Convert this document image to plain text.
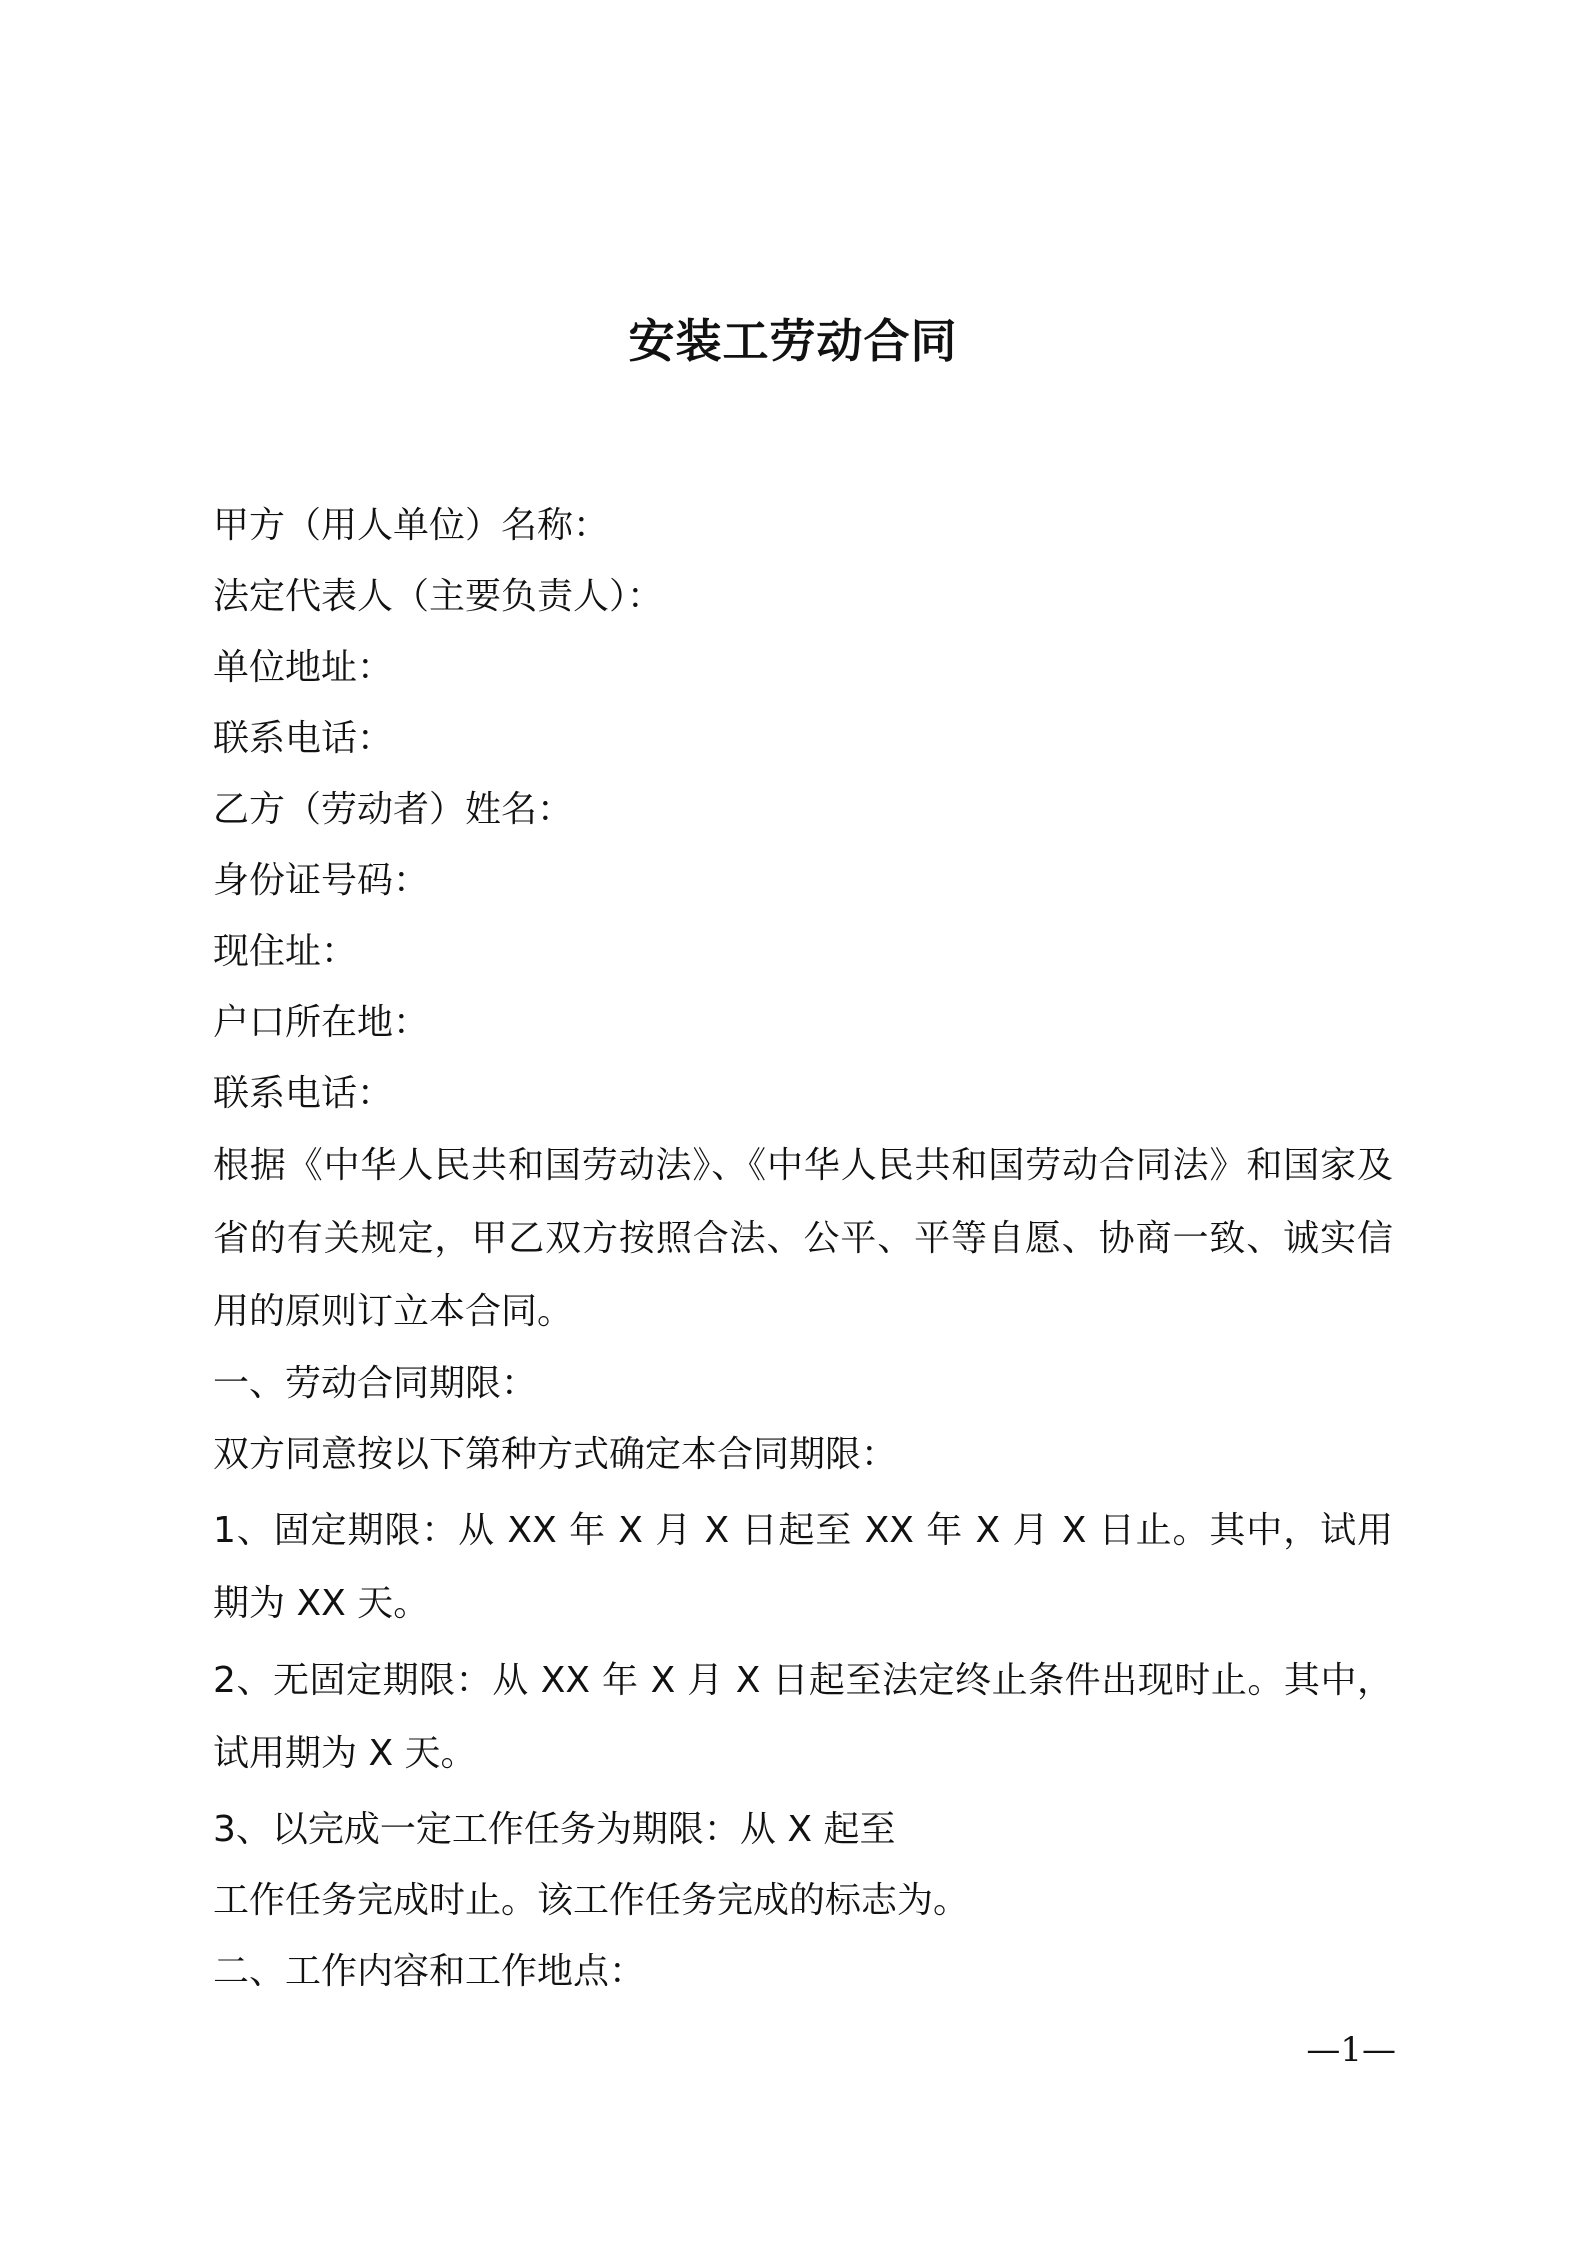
安装工劳动合同

甲方（用人单位）名称：

法定代表人（主要负责人）：

单位地址：

联系电话：

乙方（劳动者）姓名：

身份证号码：

现住址：

户口所在地：

联系电话：

根据《中华人民共和国劳动法》、《中华人民共和国劳动合同法》和国家及省的有关规定，甲乙双方按照合法、公平、平等自愿、协商一致、诚实信用的原则订立本合同。

一、劳动合同期限：

双方同意按以下第种方式确定本合同期限：

1、固定期限：从 XX 年 X 月 X 日起至 XX 年 X 月 X 日止。其中，试用期为 XX 天。

2、无固定期限：从 XX 年 X 月 X 日起至法定终止条件出现时止。其中，试用期为 X 天。

3、以完成一定工作任务为期限：从 X 起至

工作任务完成时止。该工作任务完成的标志为。

二、工作内容和工作地点：

—1—
